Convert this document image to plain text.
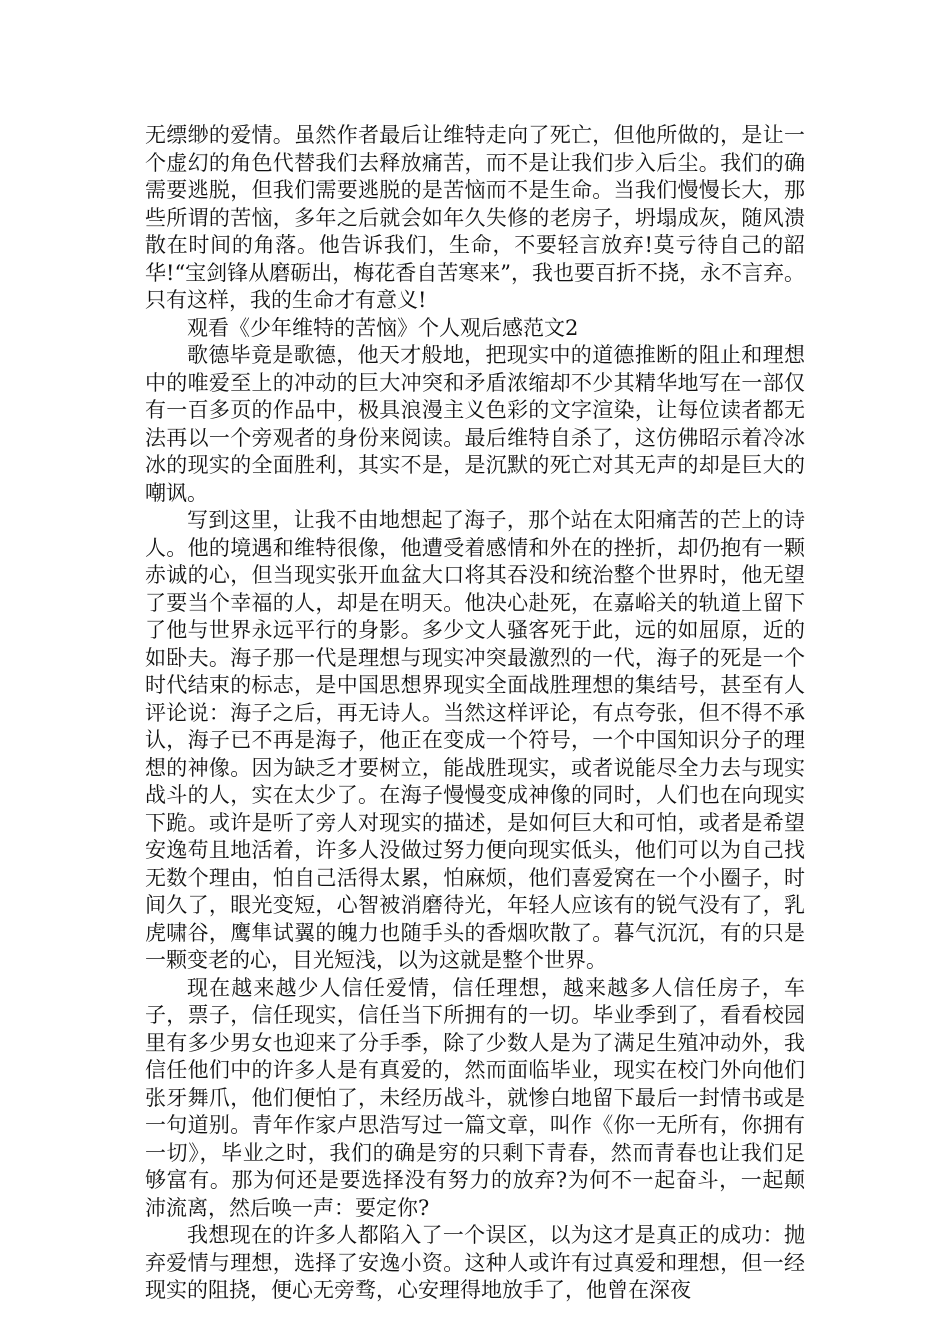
无缥缈的爱情。虽然作者最后让维特走向了死亡，但他所做的，是让一个虚幻的角色代替我们去释放痛苦，而不是让我们步入后尘。我们的确需要逃脱，但我们需要逃脱的是苦恼而不是生命。当我们慢慢长大，那些所谓的苦恼，多年之后就会如年久失修的老房子，坍塌成灰，随风溃散在时间的角落。他告诉我们，生命，不要轻言放弃!莫亏待自己的韶华!“宝剑锋从磨砺出，梅花香自苦寒来”，我也要百折不挠，永不言弃。只有这样，我的生命才有意义!

观看《少年维特的苦恼》个人观后感范文2

歌德毕竟是歌德，他天才般地，把现实中的道德推断的阻止和理想中的唯爱至上的冲动的巨大冲突和矛盾浓缩却不少其精华地写在一部仅有一百多页的作品中，极具浪漫主义色彩的文字渲染，让每位读者都无法再以一个旁观者的身份来阅读。最后维特自杀了，这仿佛昭示着冷冰冰的现实的全面胜利，其实不是，是沉默的死亡对其无声的却是巨大的嘲讽。

写到这里，让我不由地想起了海子，那个站在太阳痛苦的芒上的诗人。他的境遇和维特很像，他遭受着感情和外在的挫折，却仍抱有一颗赤诚的心，但当现实张开血盆大口将其吞没和统治整个世界时，他无望了要当个幸福的人，却是在明天。他决心赴死，在嘉峪关的轨道上留下了他与世界永远平行的身影。多少文人骚客死于此，远的如屈原，近的如卧夫。海子那一代是理想与现实冲突最激烈的一代，海子的死是一个时代结束的标志，是中国思想界现实全面战胜理想的集结号，甚至有人评论说：海子之后，再无诗人。当然这样评论，有点夸张，但不得不承认，海子已不再是海子，他正在变成一个符号，一个中国知识分子的理想的神像。因为缺乏才要树立，能战胜现实，或者说能尽全力去与现实战斗的人，实在太少了。在海子慢慢变成神像的同时，人们也在向现实下跪。或许是听了旁人对现实的描述，是如何巨大和可怕，或者是希望安逸苟且地活着，许多人没做过努力便向现实低头，他们可以为自己找无数个理由，怕自己活得太累，怕麻烦，他们喜爱窝在一个小圈子，时间久了，眼光变短，心智被消磨待光，年轻人应该有的锐气没有了，乳虎啸谷，鹰隼试翼的魄力也随手头的香烟吹散了。暮气沉沉，有的只是一颗变老的心，目光短浅，以为这就是整个世界。

现在越来越少人信任爱情，信任理想，越来越多人信任房子，车子，票子，信任现实，信任当下所拥有的一切。毕业季到了，看看校园里有多少男女也迎来了分手季，除了少数人是为了满足生殖冲动外，我信任他们中的许多人是有真爱的，然而面临毕业，现实在校门外向他们张牙舞爪，他们便怕了，未经历战斗，就惨白地留下最后一封情书或是一句道别。青年作家卢思浩写过一篇文章，叫作《你一无所有，你拥有一切》，毕业之时，我们的确是穷的只剩下青春，然而青春也让我们足够富有。那为何还是要选择没有努力的放弃?为何不一起奋斗，一起颠沛流离，然后唤一声：要定你?

我想现在的许多人都陷入了一个误区，以为这才是真正的成功：抛弃爱情与理想，选择了安逸小资。这种人或许有过真爱和理想，但一经现实的阻挠，便心无旁骛，心安理得地放手了，他曾在深夜
